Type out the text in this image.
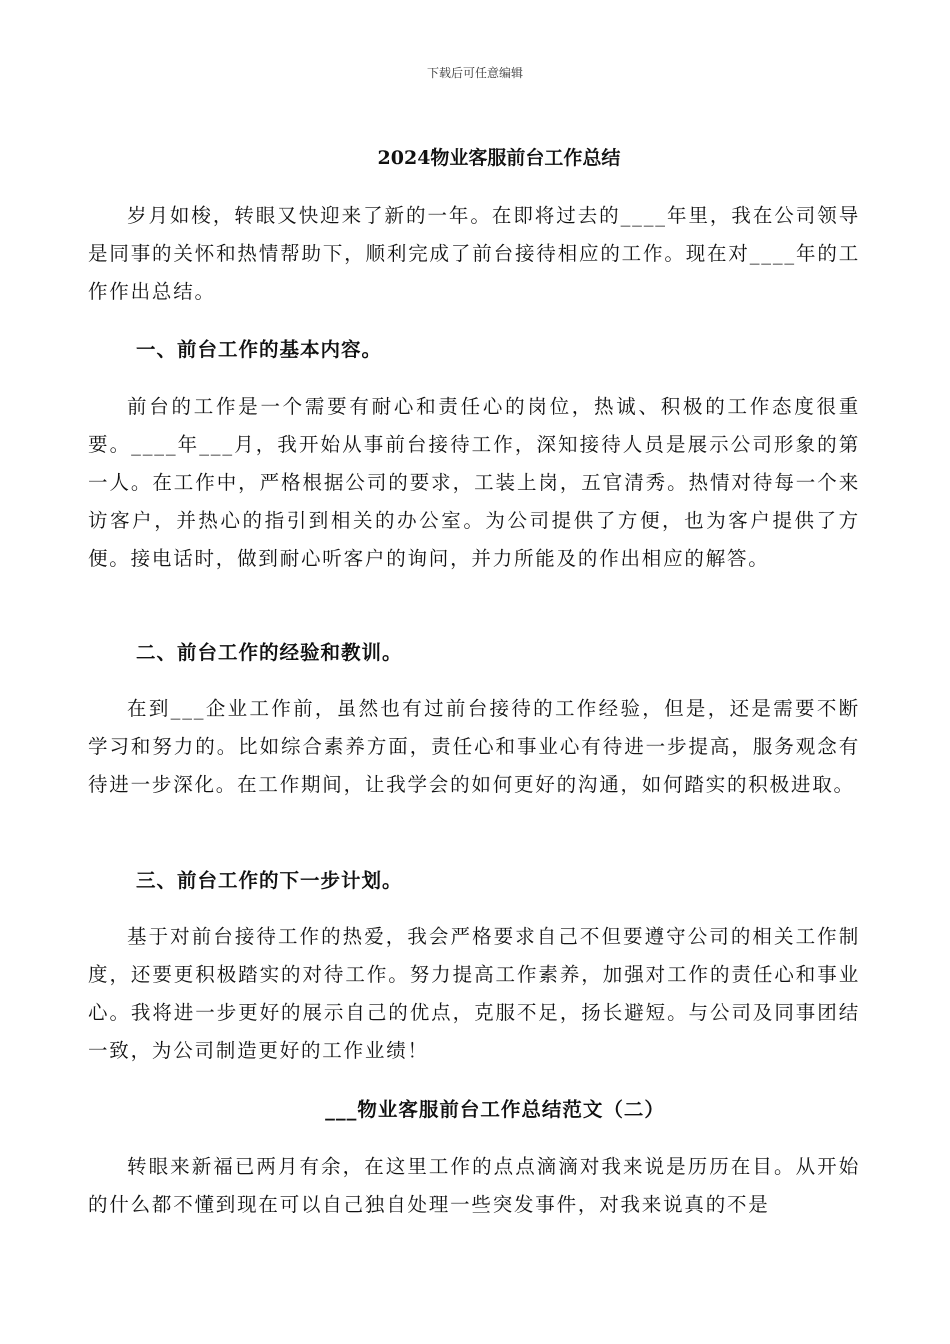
下载后可任意编辑
2024物业客服前台工作总结

岁月如梭，转眼又快迎来了新的一年。在即将过去的____年里，我在公司领导是同事的关怀和热情帮助下，顺利完成了前台接待相应的工作。现在对____年的工作作出总结。

一、前台工作的基本内容。

前台的工作是一个需要有耐心和责任心的岗位，热诚、积极的工作态度很重要。____年___月，我开始从事前台接待工作，深知接待人员是展示公司形象的第一人。在工作中，严格根据公司的要求，工装上岗，五官清秀。热情对待每一个来访客户，并热心的指引到相关的办公室。为公司提供了方便，也为客户提供了方便。接电话时，做到耐心听客户的询问，并力所能及的作出相应的解答。

二、前台工作的经验和教训。

在到___企业工作前，虽然也有过前台接待的工作经验，但是，还是需要不断学习和努力的。比如综合素养方面，责任心和事业心有待进一步提高，服务观念有待进一步深化。在工作期间，让我学会的如何更好的沟通，如何踏实的积极进取。

三、前台工作的下一步计划。

基于对前台接待工作的热爱，我会严格要求自己不但要遵守公司的相关工作制度，还要更积极踏实的对待工作。努力提高工作素养，加强对工作的责任心和事业心。我将进一步更好的展示自己的优点，克服不足，扬长避短。与公司及同事团结一致，为公司制造更好的工作业绩！

___物业客服前台工作总结范文（二）

转眼来新福已两月有余，在这里工作的点点滴滴对我来说是历历在目。从开始的什么都不懂到现在可以自己独自处理一些突发事件，对我来说真的不是
